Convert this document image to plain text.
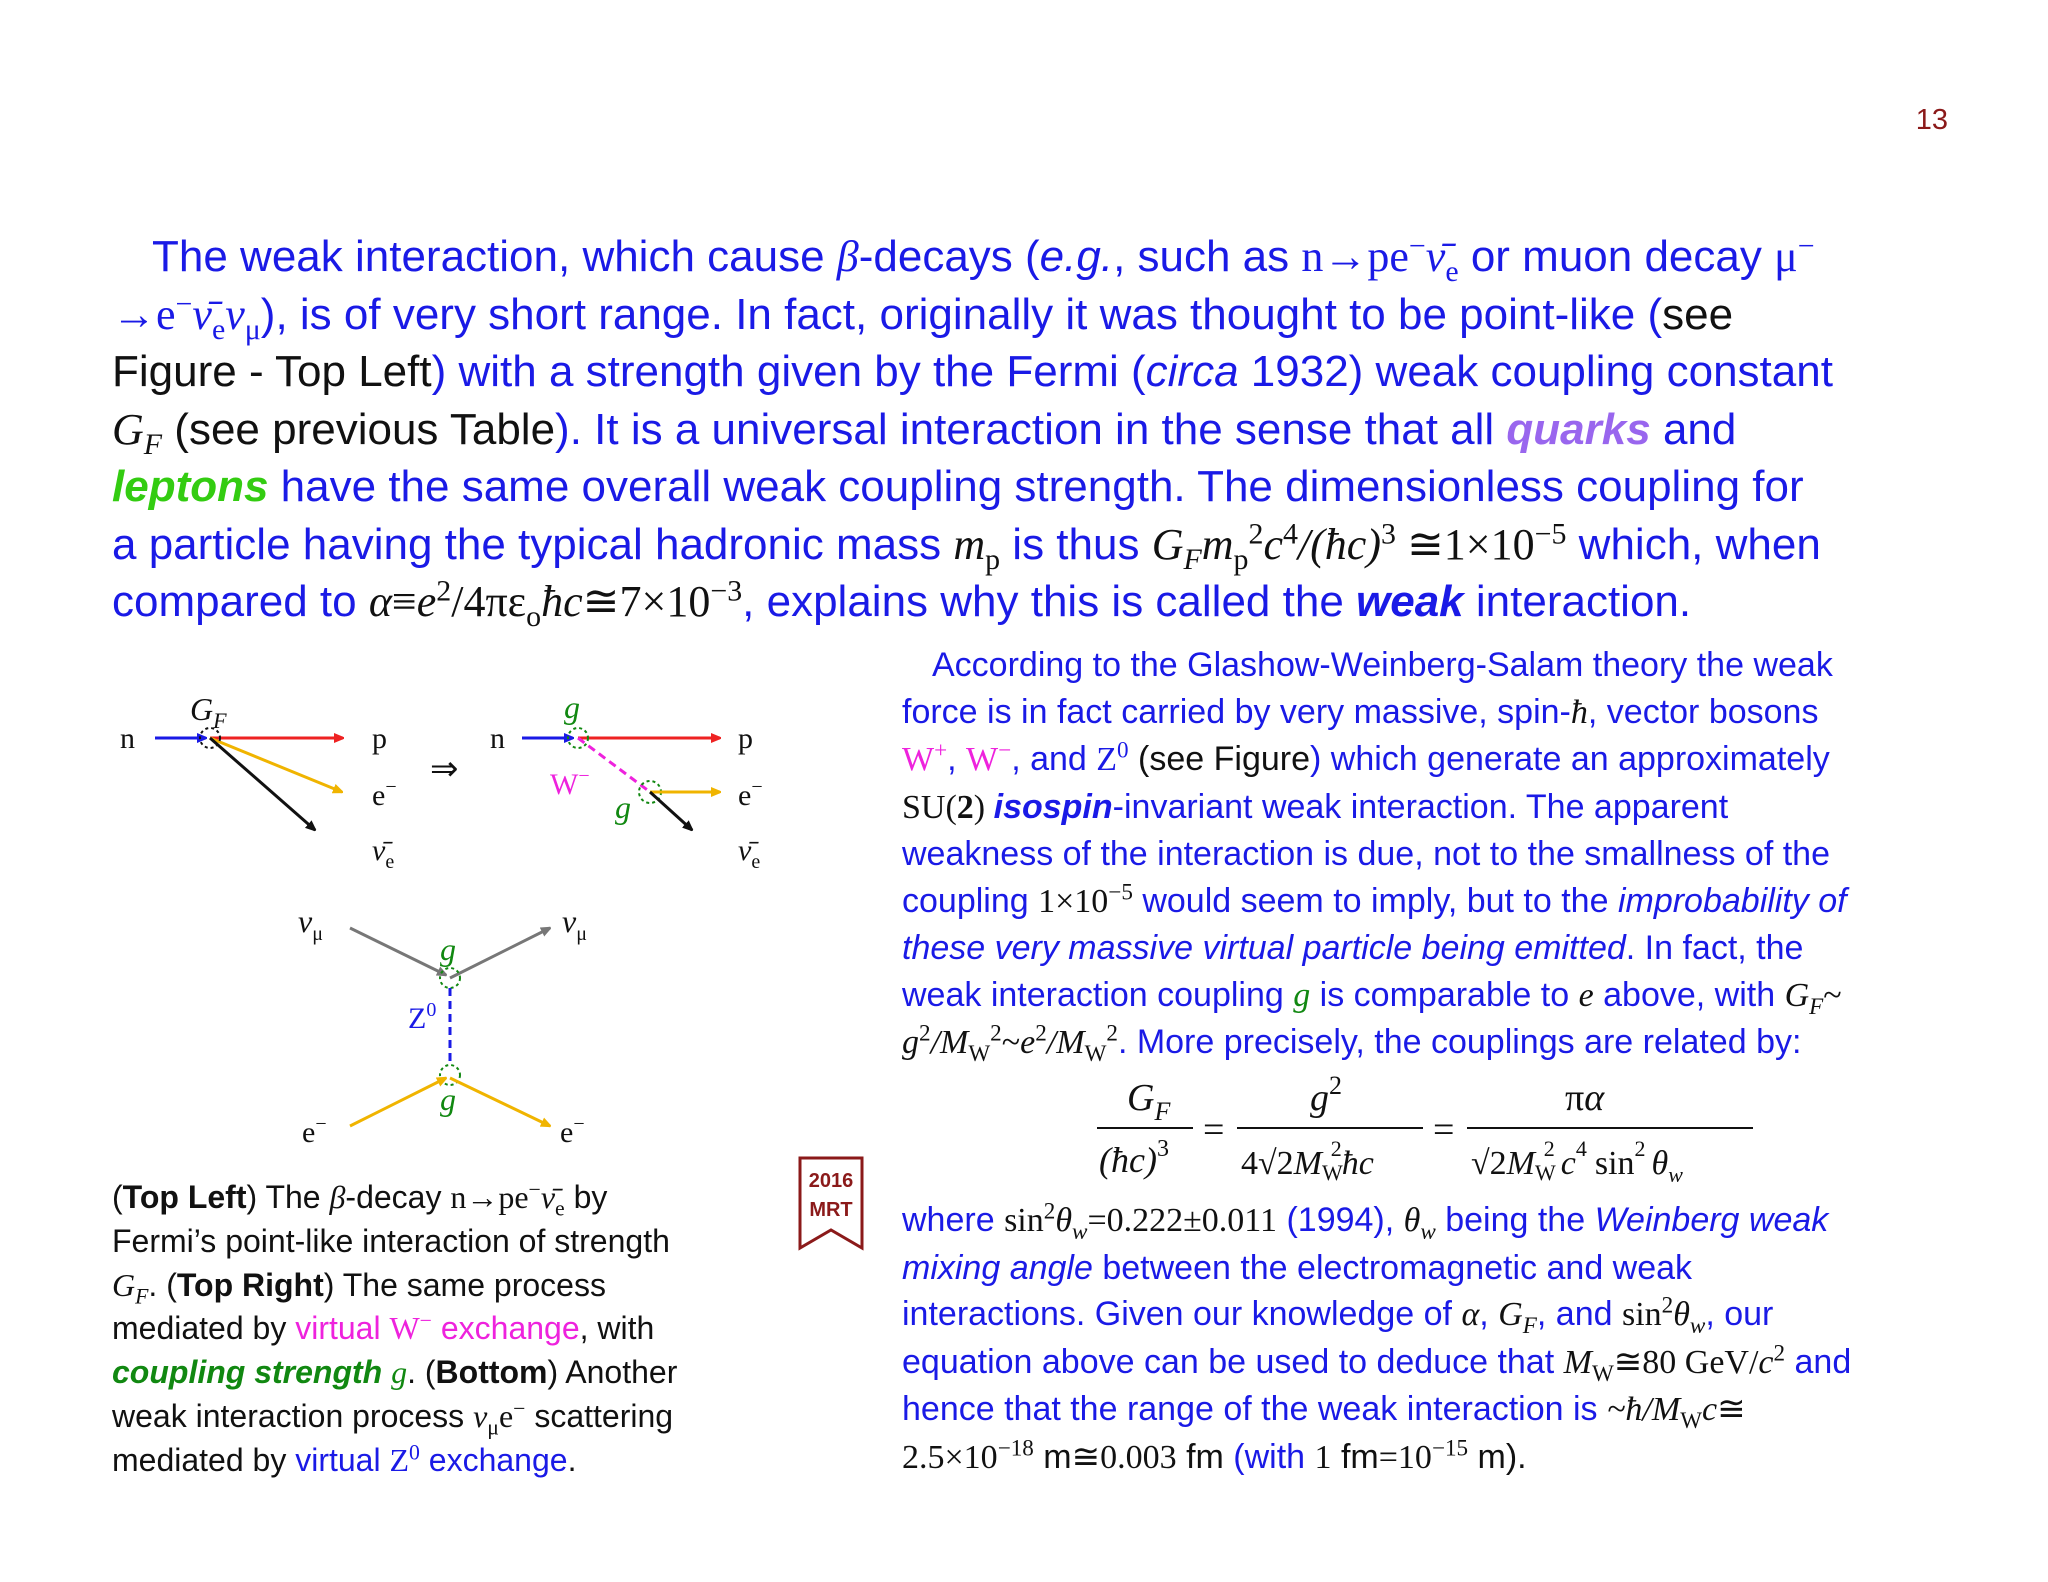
13
The weak interaction, which cause β-decays (e.g., such as $n\to pe^-\nū_e$ or muon decay μ−
$\to e^-\nū_e\nu_\mu$), is of very short range. In fact, originally it was thought to be point-like (see
Figure - Top Left) with a strength given by the Fermi (circa 1932) weak coupling constant
$G_F$ (see previous Table). It is a universal interaction in the sense that all quarks and
leptons have the same overall weak coupling strength. The dimensionless coupling for
a particle having the typical hadronic mass $m_p$ is thus $G_Fm_p^2c^4/(ħc)^3$ $≅1\times 10^{-5}$ which, when
compared to $\alpha\equiv e^2/4\pi\varepsilon_oħc≅7\times 10^{-3}$, explains why this is called the weak interaction.
$G_F$
n	p
e−
$\nū_e$
⇒
g
n
W−
g
p
e−
$\nū_e$
$\nu_\mu$	$\nu_\mu$
g
$Z^0$
g
e−	e−
(Top Left) The β-decay $n\to pe^-\nū_e$ by
Fermi’s point-like interaction of strength
$G_F$. (Top Right) The same process
mediated by virtual W− exchange, with
coupling strength g. (Bottom) Another
weak interaction process $\nu_\mu e^-$ scattering
mediated by virtual $Z^0$ exchange.
2016
MRT
According to the Glashow-Weinberg-Salam theory the weak
force is in fact carried by very massive, spin-ħ, vector bosons
W+, W−, and $Z^0$ (see Figure) which generate an approximately
SU(2) isospin-invariant weak interaction. The apparent
weakness of the interaction is due, not to the smallness of the
coupling $1\times 10^{-5}$ would seem to imply, but to the improbability of
these very massive virtual particle being emitted. In fact, the
weak interaction coupling g is comparable to e above, with $G_F\sim$
$g^2/M_W^2\sim e^2/M_W^2$. More precisely, the couplings are related by:
$G_F$
(ħc)$^3$ =
$g^2$
4√2MW2ħc
=
πα
√2MW2 $c^4$ $\sin^2 \theta_w$
where $\sin^2\theta_w=0.222\pm 0.011$ (1994), $\theta_w$ being the Weinberg weak
mixing angle between the electromagnetic and weak
interactions. Given our knowledge of α, $G_F$, and $\sin^2\theta_w$, our
equation above can be used to deduce that $M_W≅80$ GeV/$c^2$ and
hence that the range of the weak interaction is $\sim ħ/M_Wc≅$
$2.5\times 10^{-18}$ m≅0.003 fm (with 1 $fm=10^{-15}$ m).
